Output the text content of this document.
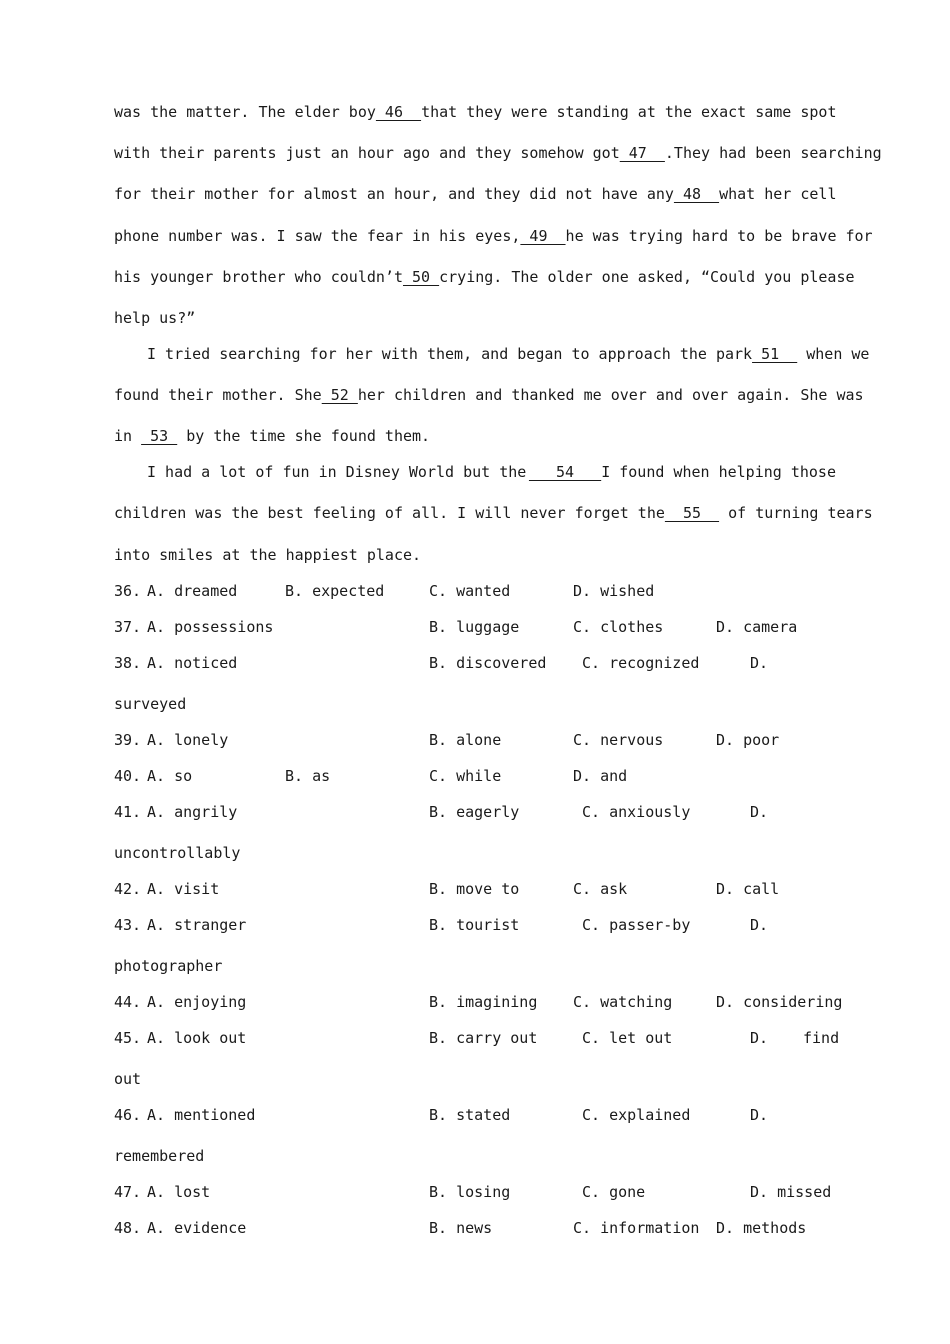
was the matter. The elder boy 46 that they were standing at the exact same spot
with their parents just an hour ago and they somehow got 47  .They had been searching
for their mother for almost an hour, and they did not have any 48  what her cell
phone number was. I saw the fear in his eyes, 49  he was trying hard to be brave for
his younger brother who couldn’t 50 crying. The older one asked, “Could you please
help us?”
I tried searching for her with them, and began to approach the park 51   when we
found their mother. She 52 her children and thanked me over and over again. She was
in  53  by the time she found them.
I had a lot of fun in Disney World but the 54   I found when helping those
children was the best feeling of all. I will never forget the 55   of turning tears
into smiles at the happiest place.
36. A. dreamed	B. expected	C. wanted	D. wished
37. A. possessions	B. luggage	C. clothes	D. camera
38. A. noticed	B. discovered C. recognized	D.
surveyed
39. A. lonely	B. alone	C. nervous	D. poor
40. A. so	B. as	C. while	D. and
41. A. angrily	B. eagerly	C. anxiously	D.
uncontrollably
42. A. visit	B. move to	C. ask	D. call
43. A. stranger	B. tourist	C. passer-by	D.
photographer
44. A. enjoying	B. imagining C. watching	D. considering
45. A. look out	B. carry out	C. let out	D. find
out
46. A. mentioned	B. stated	C. explained	D.
remembered
47. A. lost	B. losing	C. gone	D. missed
48. A. evidence	B. news	C. information D. methods
